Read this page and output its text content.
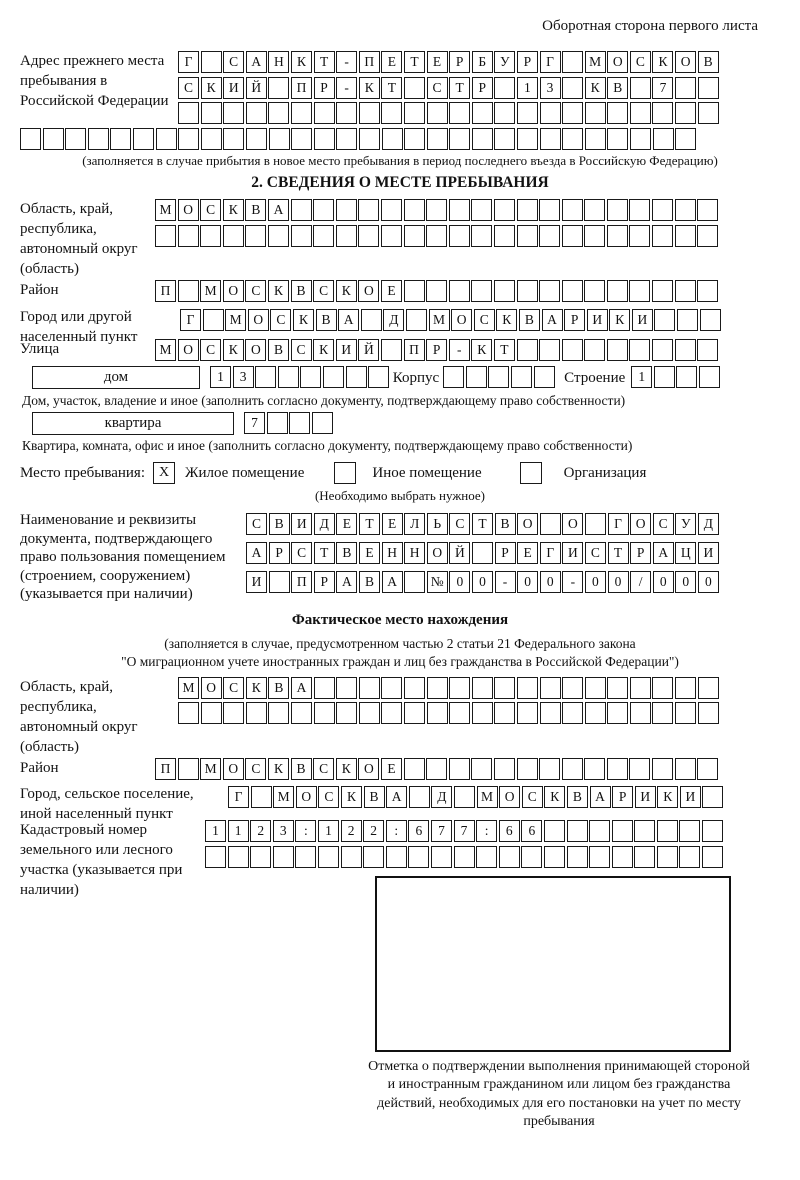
Оборотная сторона первого листа
Адрес прежнего места пребывания в Российской Федерации
Г	С А Н К	Т	-	П	Е	Т	Е	Р	Б	У	Р	Г	М О С	К О В
С	К И Й	П	Р	-	К	Т	С	Т	Р	1	3	К	В	7
(заполняется в случае прибытия в новое место пребывания в период последнего въезда в Российскую Федерацию)
2. СВЕДЕНИЯ О МЕСТЕ ПРЕБЫВАНИЯ
Область, край, республика, автономный округ (область)
М О С	К	В А
Район	П	М О С	К	В	С	К О	Е
Город или другой населенный пункт
Г	М О С	К	В А	Д	М О С	К	В А	Р	И К И
Улица	М О С	К О В	С	К И Й	П	Р	-	К	Т
дом	1	3	Корпус	Строение 1
Дом, участок, владение и иное (заполнить согласно документу, подтверждающему право собственности)
квартира	7
Квартира, комната, офис и иное (заполнить согласно документу, подтверждающему право собственности)
Место пребывания: X	Жилое помещение	Иное помещение	Организация
(Необходимо выбрать нужное)
Наименование и реквизиты документа, подтверждающего право пользования помещением (строением, сооружением) (указывается при наличии)
С	В И Д	Е	Т	Е	Л	Ь	С	Т	В О	О	Г	О С У Д
А	Р	С	Т	В	Е	Н Н О Й	Р	Е	Г	И С	Т	Р	А Ц И
И	П	Р	А В А	№ 0	0	-	0	0	-	0	0	/	0	0	0
Фактическое место нахождения
(заполняется в случае, предусмотренном частью 2 статьи 21 Федерального закона
"О миграционном учете иностранных граждан и лиц без гражданства в Российской Федерации")
Область, край, республика, автономный округ (область)
М О С	К	В А
Район	П	М О С	К	В	С	К О	Е
Город, сельское поселение, иной населенный пункт
Г	М О С	К	В А	Д	М О С	К	В А	Р	И К И
Кадастровый номер земельного или лесного участка (указывается при наличии)
1	1	2	3	:	1	2	2	:	6	7	7	:	6	6
Отметка о подтверждении выполнения принимающей стороной и иностранным гражданином или лицом без гражданства действий, необходимых для его постановки на учет по месту пребывания
